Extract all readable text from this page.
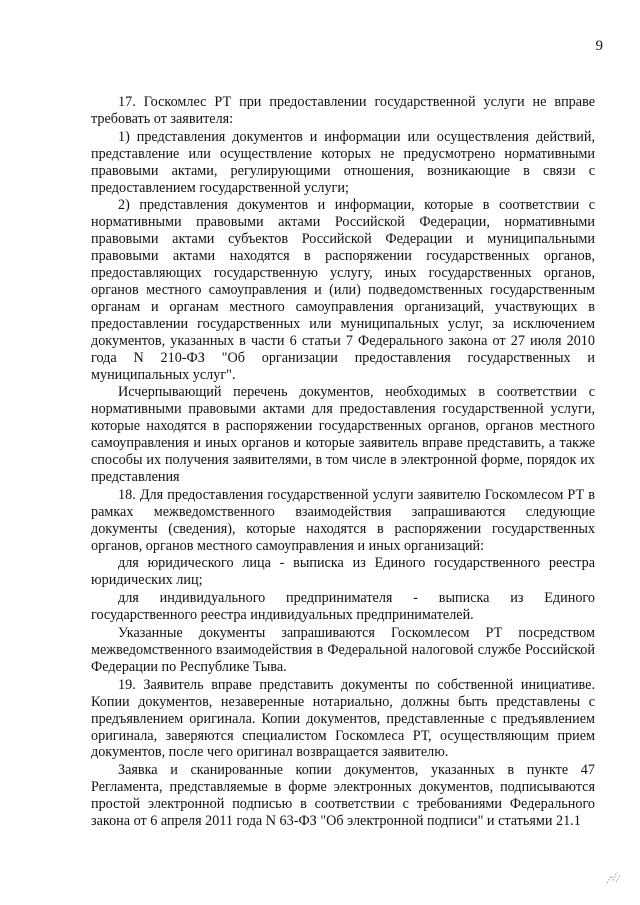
9

17. Госкомлес РТ при предоставлении государственной услуги не вправе требовать от заявителя:

1) представления документов и информации или осуществления действий, представление или осуществление которых не предусмотрено нормативными правовыми актами, регулирующими отношения, возникающие в связи с предоставлением государственной услуги;

2) представления документов и информации, которые в соответствии с нормативными правовыми актами Российской Федерации, нормативными правовыми актами субъектов Российской Федерации и муниципальными правовыми актами находятся в распоряжении государственных органов, предоставляющих государственную услугу, иных государственных органов, органов местного самоуправления и (или) подведомственных государственным органам и органам местного самоуправления организаций, участвующих в предоставлении государственных или муниципальных услуг, за исключением документов, указанных в части 6 статьи 7 Федерального закона от 27 июля 2010 года N 210-ФЗ "Об организации предоставления государственных и муниципальных услуг".

Исчерпывающий перечень документов, необходимых в соответствии с нормативными правовыми актами для предоставления государственной услуги, которые находятся в распоряжении государственных органов, органов местного самоуправления и иных органов и которые заявитель вправе представить, а также способы их получения заявителями, в том числе в электронной форме, порядок их представления

18. Для предоставления государственной услуги заявителю Госкомлесом РТ в рамках межведомственного взаимодействия запрашиваются следующие документы (сведения), которые находятся в распоряжении государственных органов, органов местного самоуправления и иных организаций:

для юридического лица - выписка из Единого государственного реестра юридических лиц;

для индивидуального предпринимателя - выписка из Единого государственного реестра индивидуальных предпринимателей.

Указанные документы запрашиваются Госкомлесом РТ посредством межведомственного взаимодействия в Федеральной налоговой службе Российской Федерации по Республике Тыва.

19. Заявитель вправе представить документы по собственной инициативе. Копии документов, незаверенные нотариально, должны быть представлены с предъявлением оригинала. Копии документов, представленные с предъявлением оригинала, заверяются специалистом Госкомлеса РТ, осуществляющим прием документов, после чего оригинал возвращается заявителю.

Заявка и сканированные копии документов, указанных в пункте 47 Регламента, представляемые в форме электронных документов, подписываются простой электронной подписью в соответствии с требованиями Федерального закона от 6 апреля 2011 года N 63-ФЗ "Об электронной подписи" и статьями 21.1
